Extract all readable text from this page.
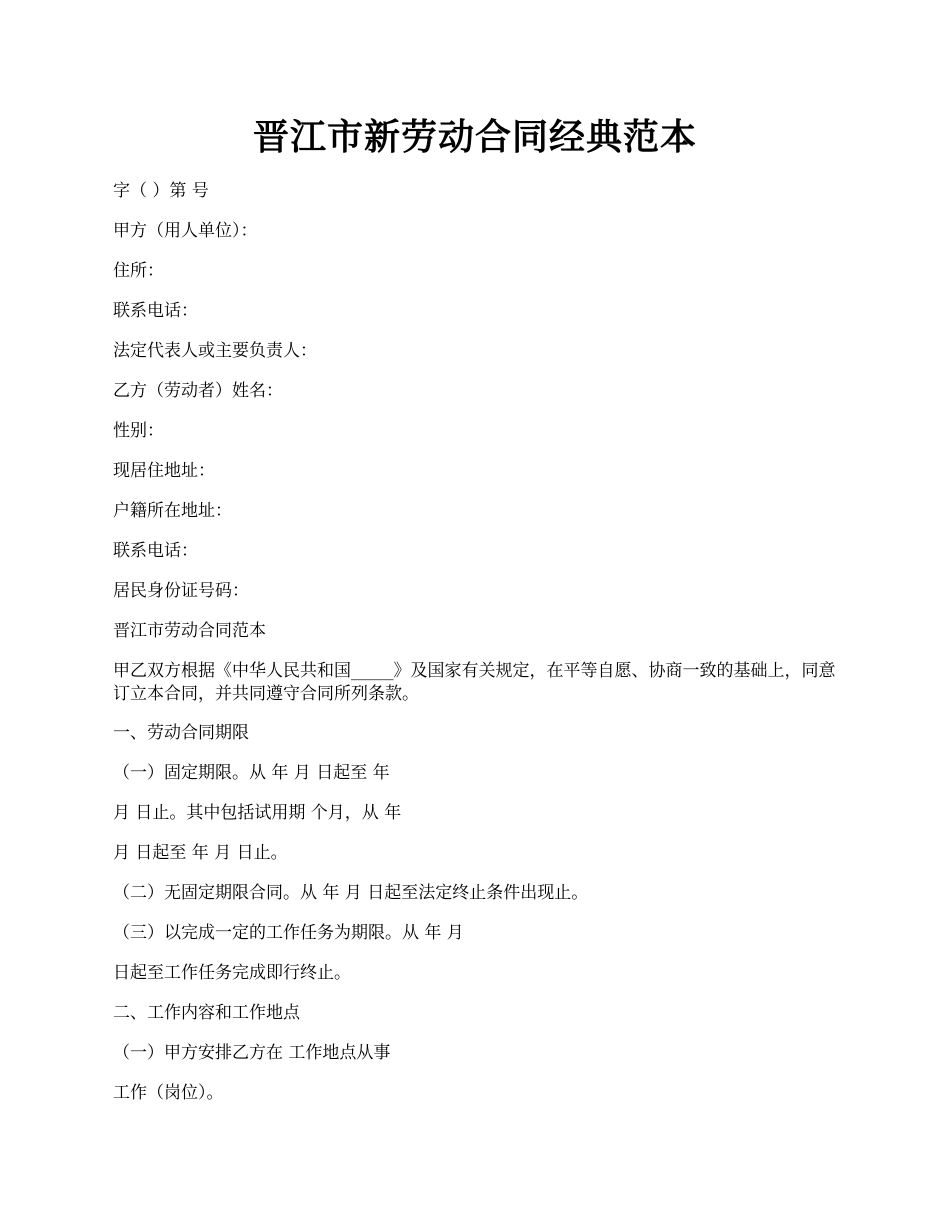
晋江市新劳动合同经典范本

字（ ）第 号

甲方（用人单位）：

住所：

联系电话：

法定代表人或主要负责人：

乙方（劳动者）姓名：

性别：

现居住地址：

户籍所在地址：

联系电话：

居民身份证号码：

晋江市劳动合同范本

甲乙双方根据《中华人民共和国_____》及国家有关规定，在平等自愿、协商一致的基础上，同意订立本合同，并共同遵守合同所列条款。

一、劳动合同期限

（一）固定期限。从 年 月 日起至 年

月 日止。其中包括试用期 个月，从 年

月 日起至 年 月 日止。

（二）无固定期限合同。从 年 月 日起至法定终止条件出现止。

（三）以完成一定的工作任务为期限。从 年 月

日起至工作任务完成即行终止。

二、工作内容和工作地点

（一）甲方安排乙方在 工作地点从事

工作（岗位）。
